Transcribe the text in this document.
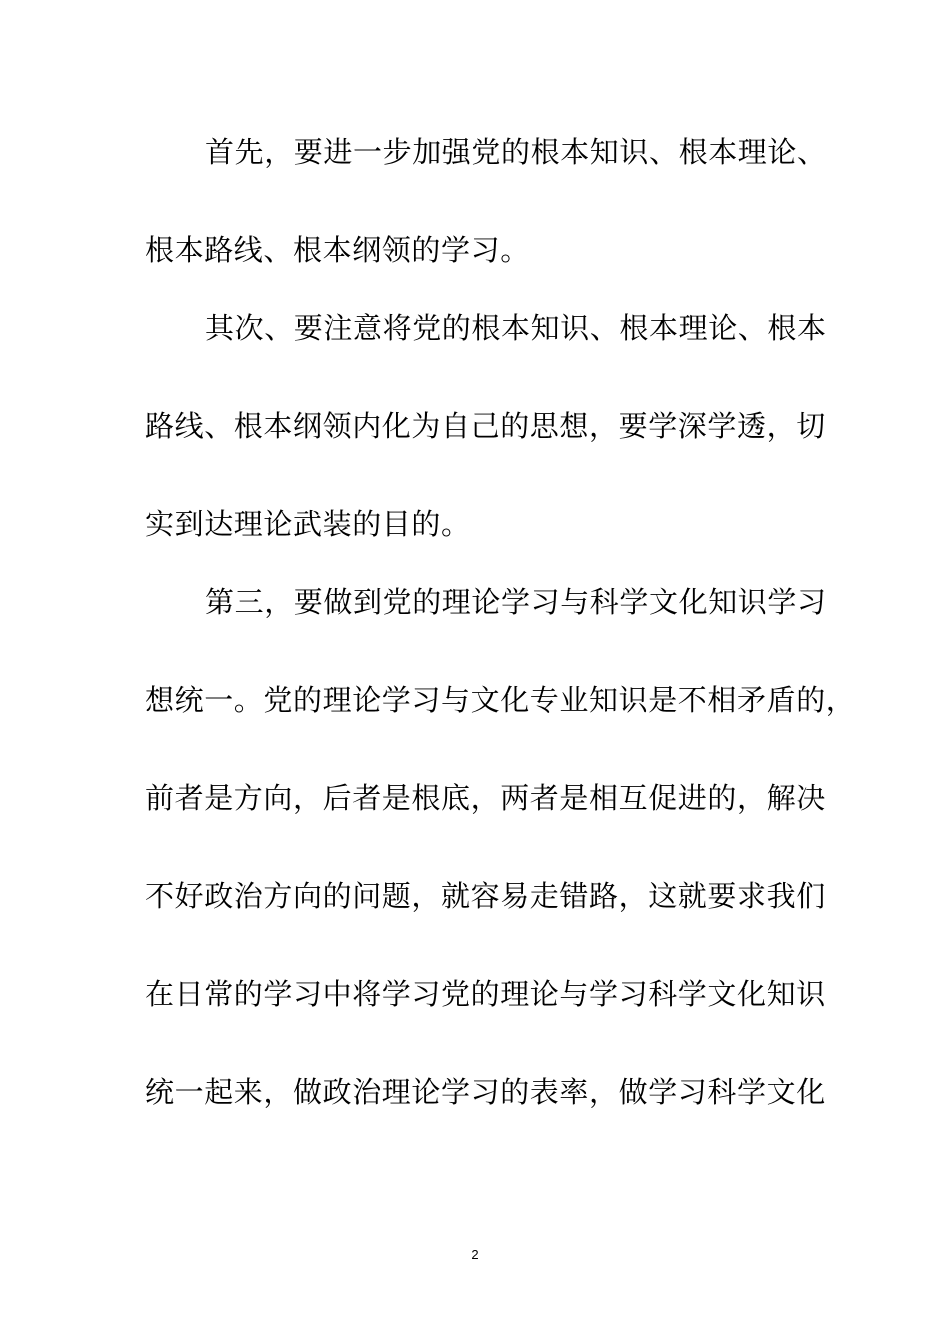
首先，要进一步加强党的根本知识、根本理论、
根本路线、根本纲领的学习。
其次、要注意将党的根本知识、根本理论、根本
路线、根本纲领内化为自己的思想，要学深学透，切
实到达理论武装的目的。
第三，要做到党的理论学习与科学文化知识学习
想统一。党的理论学习与文化专业知识是不相矛盾的，
前者是方向，后者是根底，两者是相互促进的，解决
不好政治方向的问题，就容易走错路，这就要求我们
在日常的学习中将学习党的理论与学习科学文化知识
统一起来，做政治理论学习的表率，做学习科学文化
2
